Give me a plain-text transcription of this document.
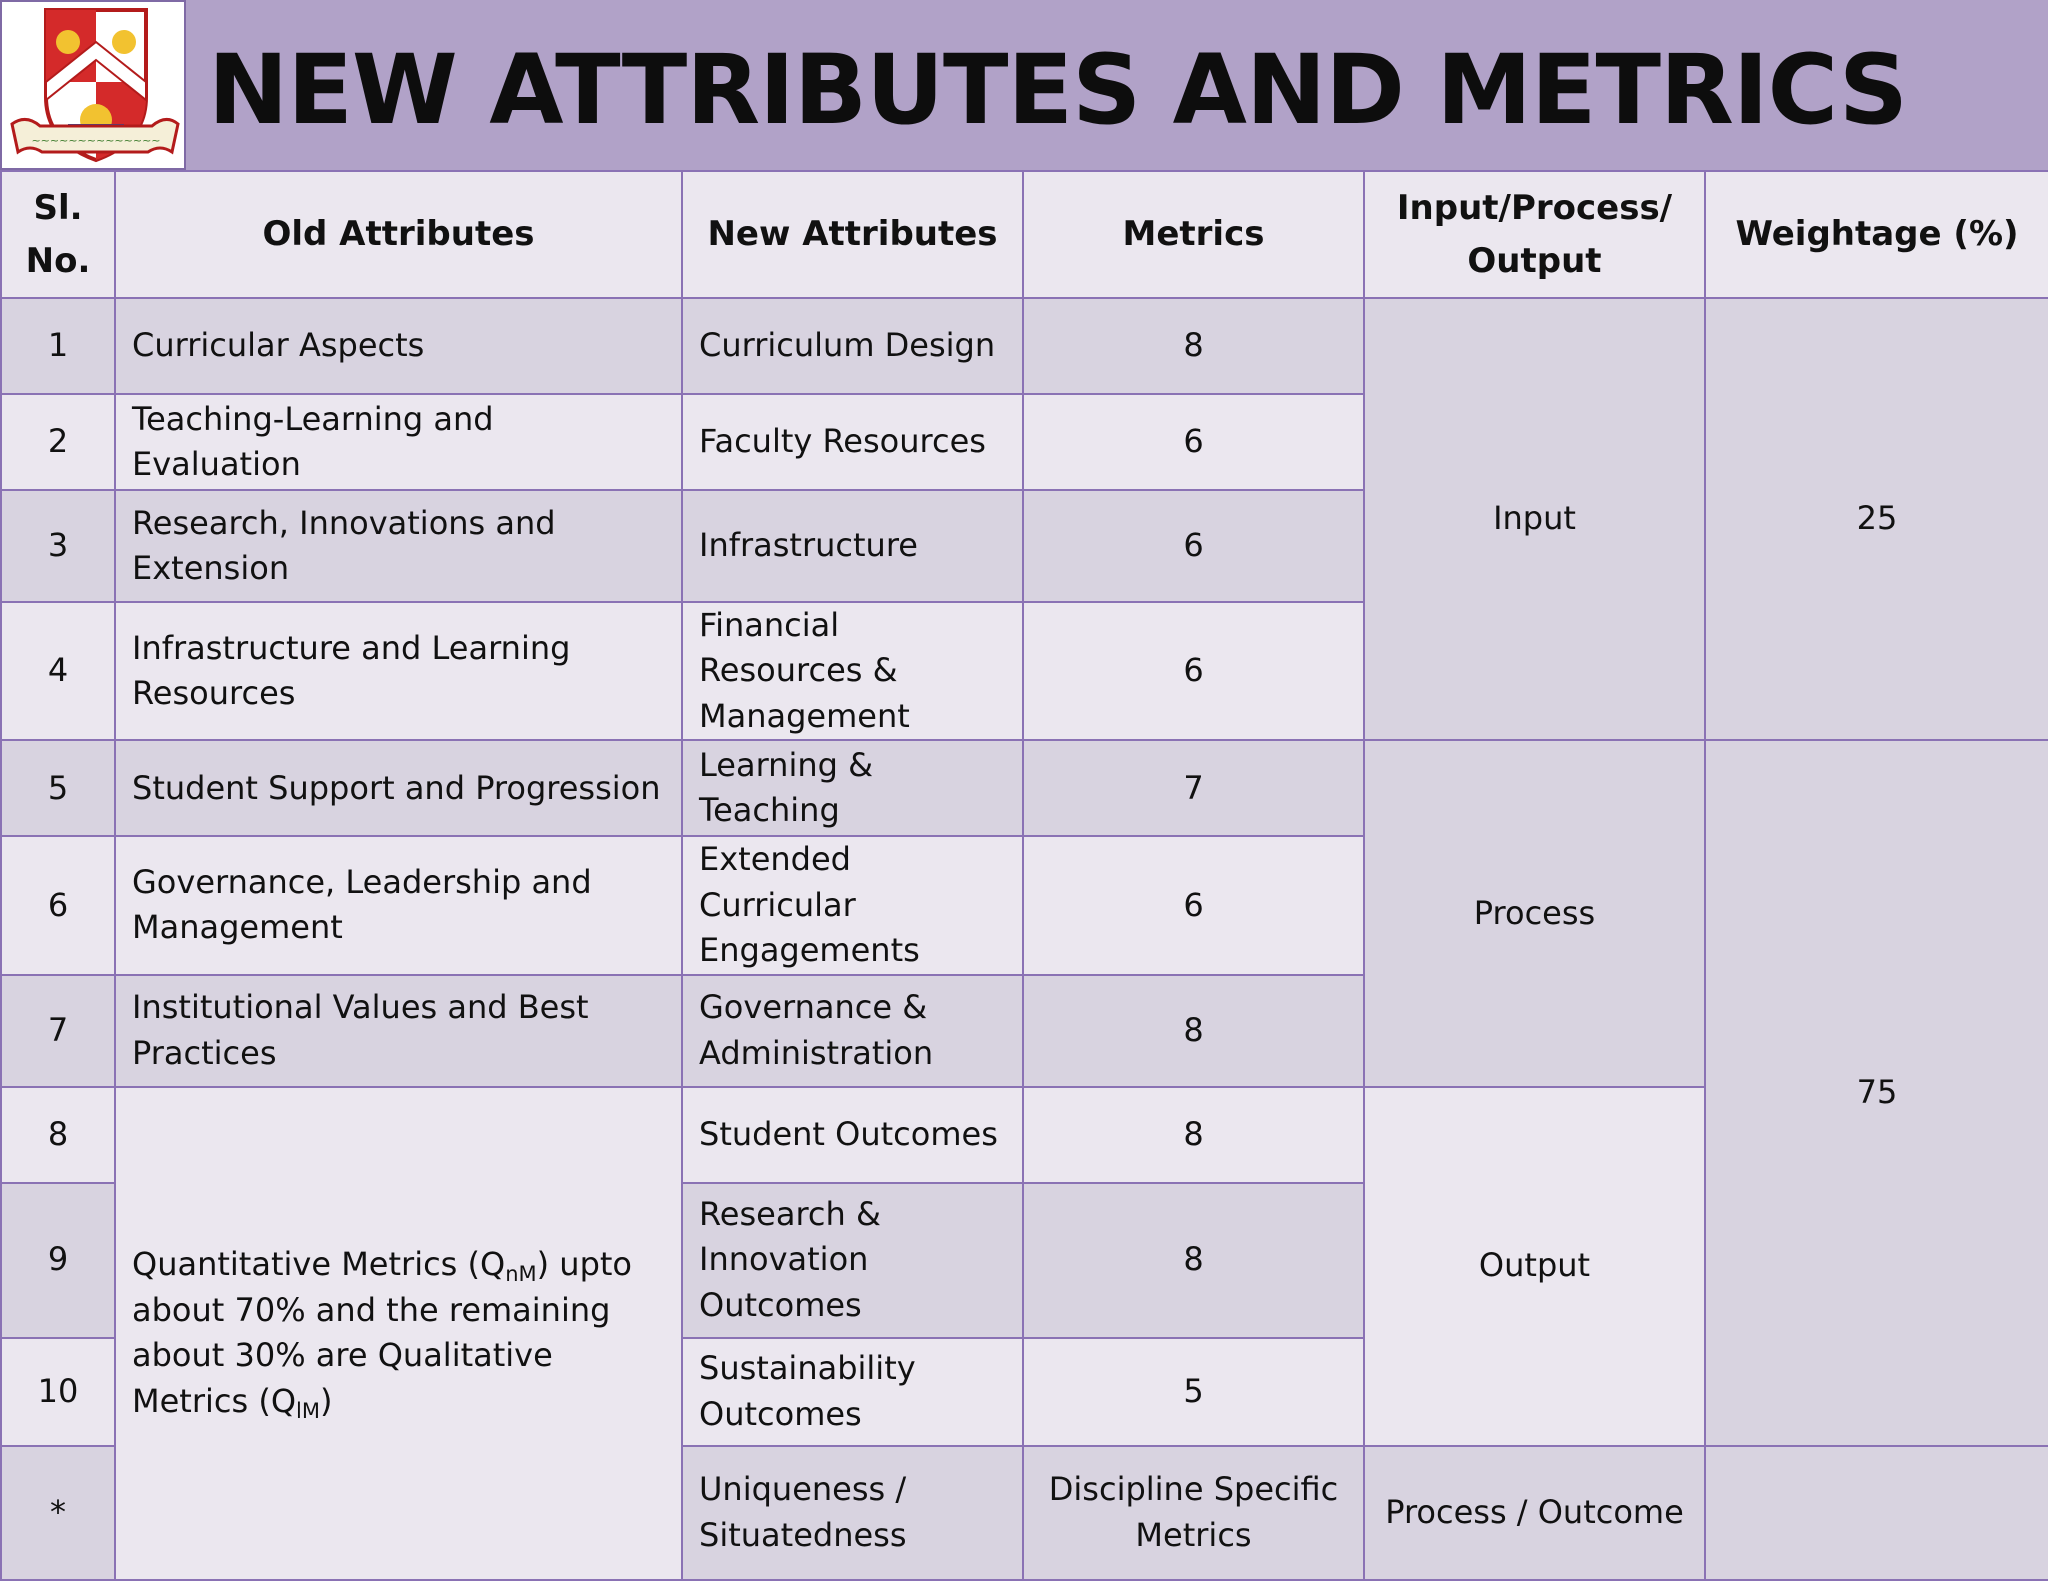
~~~~~~~~~~~~~~ NEW ATTRIBUTES AND METRICS
Sl. No.	Old Attributes	New Attributes	Metrics	Input/Process/ Output	Weightage (%)
1	Curricular Aspects	Curriculum Design	8	Input	25
2	Teaching-Learning and Evaluation	Faculty Resources	6		
3	Research, Innovations and Extension	Infrastructure	6		
4	Infrastructure and Learning Resources	Financial Resources & Management	6		
5	Student Support and Progression	Learning & Teaching	7	Process	75
6	Governance, Leadership and Management	Extended Curricular Engagements	6		
7	Institutional Values and Best Practices	Governance & Administration	8		
8	Quantitative Metrics $(Q_{nM})$ upto about 70% and the remaining about 30% are Qualitative Metrics $(Q_{lM})$	Student Outcomes	8	Output	
9		Research & Innovation Outcomes	8		
10		Sustainability Outcomes	5		
*		Uniqueness / Situatedness	Discipline Specific Metrics	Process / Outcome	
